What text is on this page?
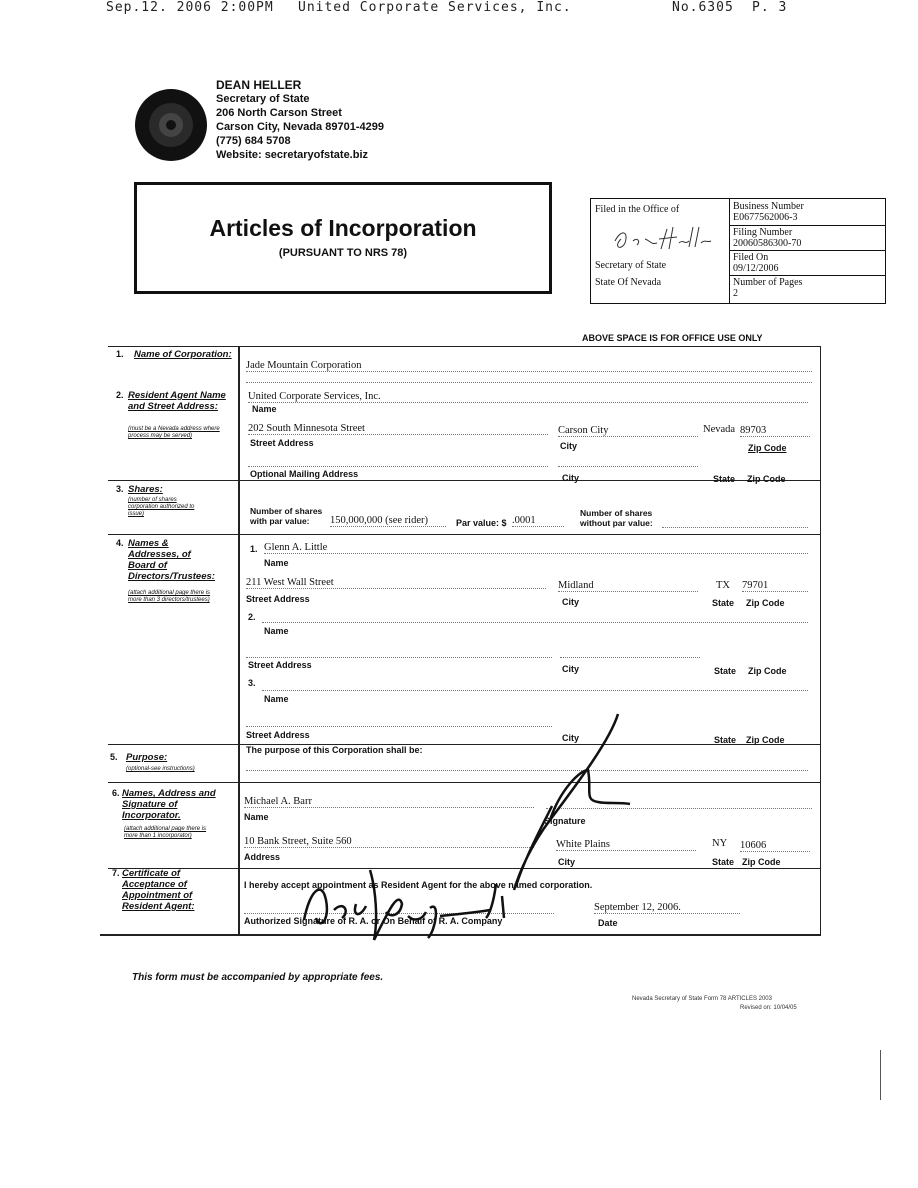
Sep.12. 2006 2:00PM United Corporate Services, Inc.	No.6305 P. 3
DEAN HELLER
Secretary of State
206 North Carson Street
Carson City, Nevada 89701-4299
(775) 684 5708
Website: secretaryofstate.biz
Articles of Incorporation
(PURSUANT TO NRS 78)
Filed in the Office of
Secretary of State
State Of Nevada
Business Number
E0677562006-3
Filing Number
20060586300-70
Filed On
09/12/2006
Number of Pages
2
ABOVE SPACE IS FOR OFFICE USE ONLY
1. Name of Corporation:
Jade Mountain Corporation
2. Resident Agent Name and Street Address:
(must be a Nevada address where process may be served)
United Corporate Services, Inc.
Name
202 South Minnesota Street	Carson City	Nevada 89703
Street Address	City	Zip Code
Optional Mailing Address	City	State Zip Code
3. Shares:
(number of shares corporation authorized to issue)	Number of shares with par value:	150,000,000 (see rider)	Par value: $ .0001
Number of shares without par value:
4. Names & Addresses, of Board of Directors/Trustees:
(attach additional page there is more than 3 directors/trustees)
1. Glenn A. Little
Name
211 West Wall Street	Midland	TX 79701
Street Address	City	State Zip Code
2.
Name
Street Address	City	State Zip Code
3.
Name
Street Address	City	State Zip Code
5. Purpose:
(optional-see instructions)
The purpose of this Corporation shall be:
6. Names, Address and Signature of Incorporator.
(attach additional page there is more than 1 incorporator)
Michael A. Barr
Name	Signature
10 Bank Street, Suite 560	White Plains	NY 10606
Address	City	State Zip Code
7. Certificate of Acceptance of Appointment of Resident Agent:
I hereby accept appointment as Resident Agent for the above named corporation.
Authorized Signature of R. A. or On Behalf of R. A. Company
September 12, 2006.
Date
This form must be accompanied by appropriate fees.
Nevada Secretary of State Form 78 ARTICLES 2003
Revised on: 10/04/05
